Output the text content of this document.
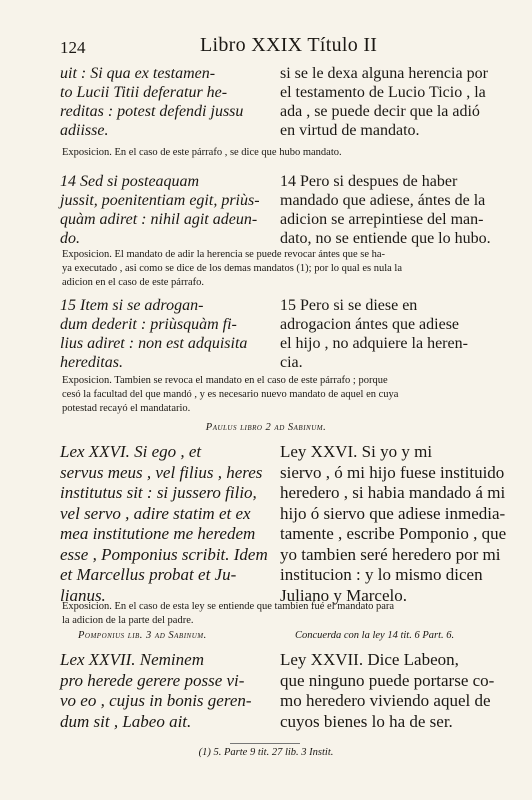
124	Libro XXIX Título II
uit : Si qua ex testamen-
to Lucii Titii deferatur he-
reditas : potest defendi jussu
adiisse.
si se le dexa alguna herencia por
el testamento de Lucio Ticio , la
ada , se puede decir que la adió
en virtud de mandato.
Exposicion. En el caso de este párrafo , se dice que hubo mandato.
14 Sed si posteaquam
jussit, poenitentiam egit, priùs-
quàm adiret : nihil agit adeun-
do.
14 Pero si despues de haber
mandado que adiese, ántes de la
adicion se arrepintiese del man-
dato, no se entiende que lo hubo.
Exposicion. El mandato de adir la herencia se puede revocar ántes que se ha-
ya executado , asi como se dice de los demas mandatos (1); por lo qual es nula la
adicion en el caso de este párrafo.
15 Item si se adrogan-
dum dederit : priùsquàm fi-
lius adiret : non est adquisita
hereditas.
15 Pero si se diese en
adrogacion ántes que adiese
el hijo , no adquiere la heren-
cia.
Exposicion. Tambien se revoca el mandato en el caso de este párrafo ; porque
cesó la facultad del que mandó , y es necesario nuevo mandato de aquel en cuya
potestad recayó el mandatario.
Paulus libro 2 ad Sabinum.
Lex XXVI. Si ego , et
servus meus , vel filius , heres
institutus sit : si jussero filio,
vel servo , adire statim et ex
mea institutione me heredem
esse , Pomponius scribit. Idem
et Marcellus probat et Ju-
lianus.
Ley XXVI. Si yo y mi
siervo , ó mi hijo fuese instituido
heredero , si habia mandado á mi
hijo ó siervo que adiese inmedia-
tamente , escribe Pomponio , que
yo tambien seré heredero por mi
institucion : y lo mismo dicen
Juliano y Marcelo.
Exposicion. En el caso de esta ley se entiende que tambien fué el mandato para
la adicion de la parte del padre.
Pomponius lib. 3 ad Sabinum.	Concuerda con la ley 14 tit. 6 Part. 6.
Lex XXVII. Neminem
pro herede gerere posse vi-
vo eo , cujus in bonis geren-
dum sit , Labeo ait.
Ley XXVII. Dice Labeon,
que ninguno puede portarse co-
mo heredero viviendo aquel de
cuyos bienes lo ha de ser.
(1) 5. Parte 9 tit. 27 lib. 3 Instit.
